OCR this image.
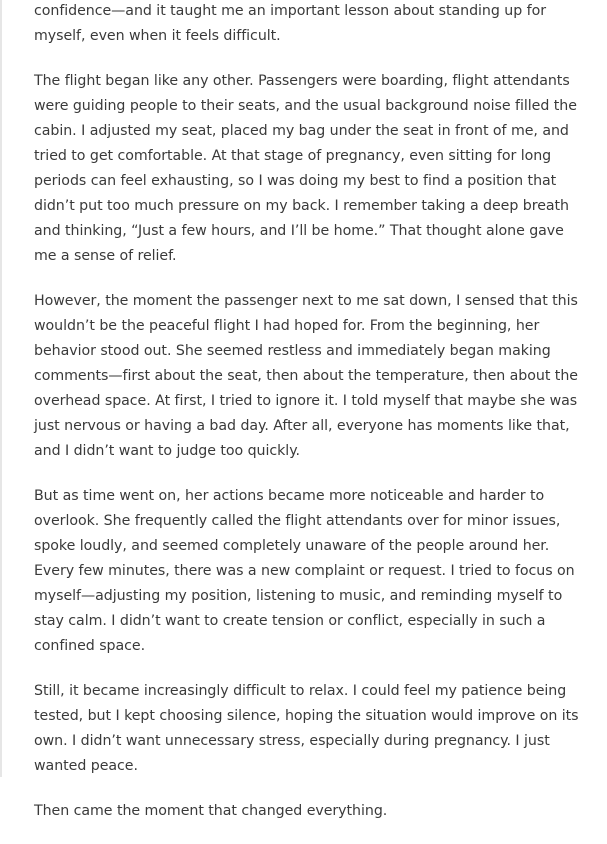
confidence—and it taught me an important lesson about standing up for myself, even when it feels difficult.

The flight began like any other. Passengers were boarding, flight attendants were guiding people to their seats, and the usual background noise filled the cabin. I adjusted my seat, placed my bag under the seat in front of me, and tried to get comfortable. At that stage of pregnancy, even sitting for long periods can feel exhausting, so I was doing my best to find a position that didn’t put too much pressure on my back. I remember taking a deep breath and thinking, “Just a few hours, and I’ll be home.” That thought alone gave me a sense of relief.

However, the moment the passenger next to me sat down, I sensed that this wouldn’t be the peaceful flight I had hoped for. From the beginning, her behavior stood out. She seemed restless and immediately began making comments—first about the seat, then about the temperature, then about the overhead space. At first, I tried to ignore it. I told myself that maybe she was just nervous or having a bad day. After all, everyone has moments like that, and I didn’t want to judge too quickly.

But as time went on, her actions became more noticeable and harder to overlook. She frequently called the flight attendants over for minor issues, spoke loudly, and seemed completely unaware of the people around her. Every few minutes, there was a new complaint or request. I tried to focus on myself—adjusting my position, listening to music, and reminding myself to stay calm. I didn’t want to create tension or conflict, especially in such a confined space.

Still, it became increasingly difficult to relax. I could feel my patience being tested, but I kept choosing silence, hoping the situation would improve on its own. I didn’t want unnecessary stress, especially during pregnancy. I just wanted peace.

Then came the moment that changed everything.
